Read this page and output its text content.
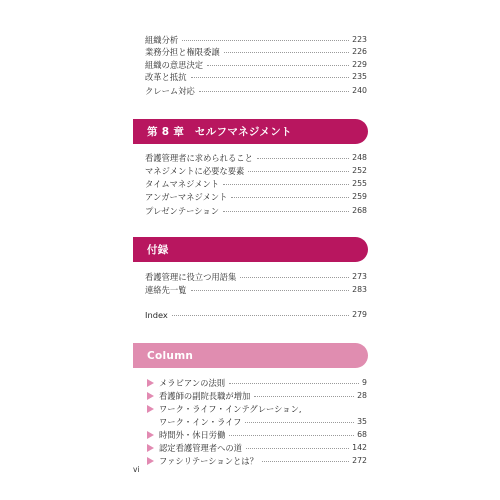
組織分析	223
業務分担と権限委譲	226
組織の意思決定	229
改革と抵抗	235
クレーム対応	240
第 8 章　セルフマネジメント
看護管理者に求められること	248
マネジメントに必要な要素	252
タイムマネジメント	255
アンガーマネジメント	259
プレゼンテーション	268
付録
看護管理に役立つ用語集	273
連絡先一覧	283
Index	279
Column
メラビアンの法則	9
看護師の副院長職が増加	28
ワーク・ライフ・インテグレーション,
ワーク・イン・ライフ	35
時間外・休日労働	68
認定看護管理者への道	142
ファシリテーションとは？	272
vi
